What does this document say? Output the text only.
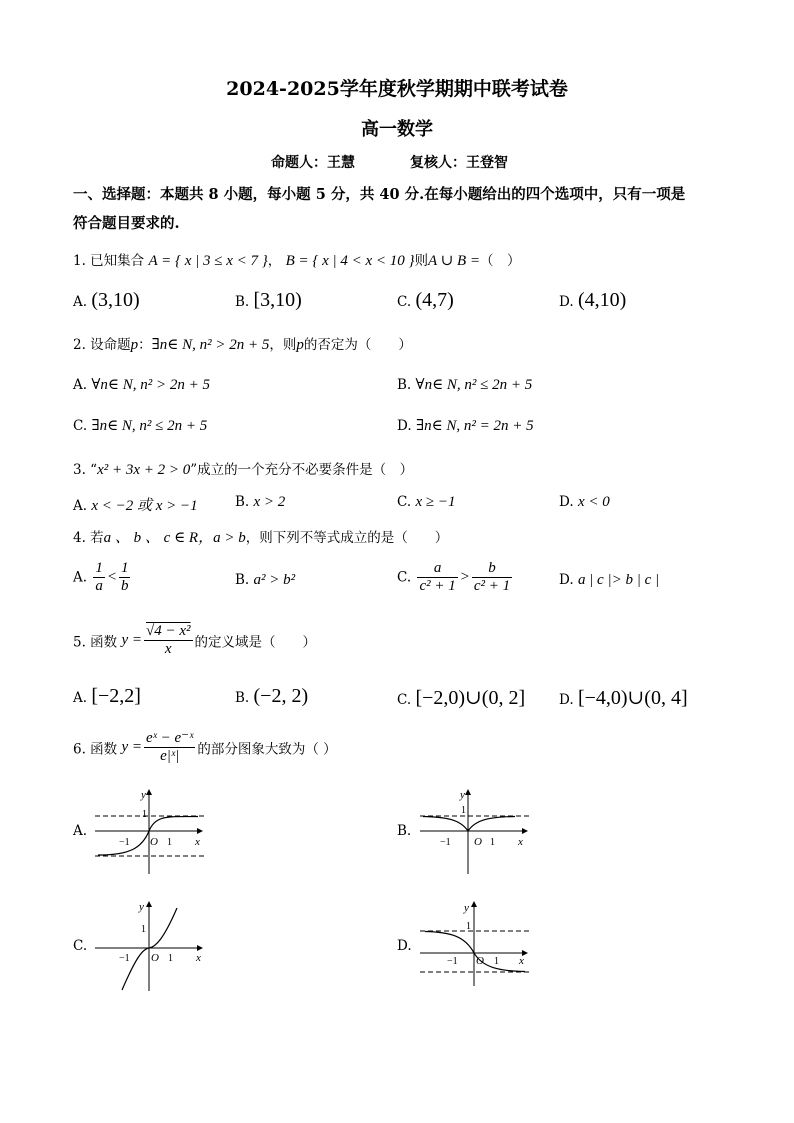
2024-2025学年度秋学期期中联考试卷
高一数学
命题人：王慧	复核人：王登智
一、选择题：本题共 8 小题，每小题 5 分，共 40 分.在每小题给出的四个选项中，只有一项是
符合题目要求的.
1. 已知集合 A = { x | 3 ≤ x < 7 }， B = { x | 4 < x < 10 }则A ∪ B =（　）
A. (3,10)	B. [3,10)	C. (4,7)	D. (4,10)
2. 设命题p：∃n∈ N, n² > 2n + 5，则p的否定为（　　）
A. ∀n∈ N, n² > 2n + 5	B. ∀n∈ N, n² ≤ 2n + 5
C. ∃n∈ N, n² ≤ 2n + 5	D. ∃n∈ N, n² = 2n + 5
3. “x² + 3x + 2 > 0”成立的一个充分不必要条件是（　）
A. x < −2 或 x > −1	B. x > 2	C. x ≥ −1	D. x < 0
4. 若a 、 b 、 c ∈ R，a > b，则下列不等式成立的是（　　）
A. $\frac{1}{a} < \frac{1}{b}$	B. a² > b²	C. $\frac{a}{\text{c² + 1}} > \frac{b}{\text{c² + 1}}$	D. a | c |> b | c |
5. 函数 $y = \frac{\text{√4 − x²}}{x}$ 的定义域是（　　）
A. [−2,2]	B. (−2, 2)	C. [−2,0)∪(0, 2]	D. [−4,0)∪(0, 4]
6. 函数 $y = \frac{\text{eˣ − e⁻ˣ}}{\text{e|ˣ|}}$ 的部分图象大致为（ ）
A.	B.
C.	D.
y
1
−1 O 1 x
y
1
−1 O 1 x
y
1
−1 O 1 x
y
1
−1 O 1 x
